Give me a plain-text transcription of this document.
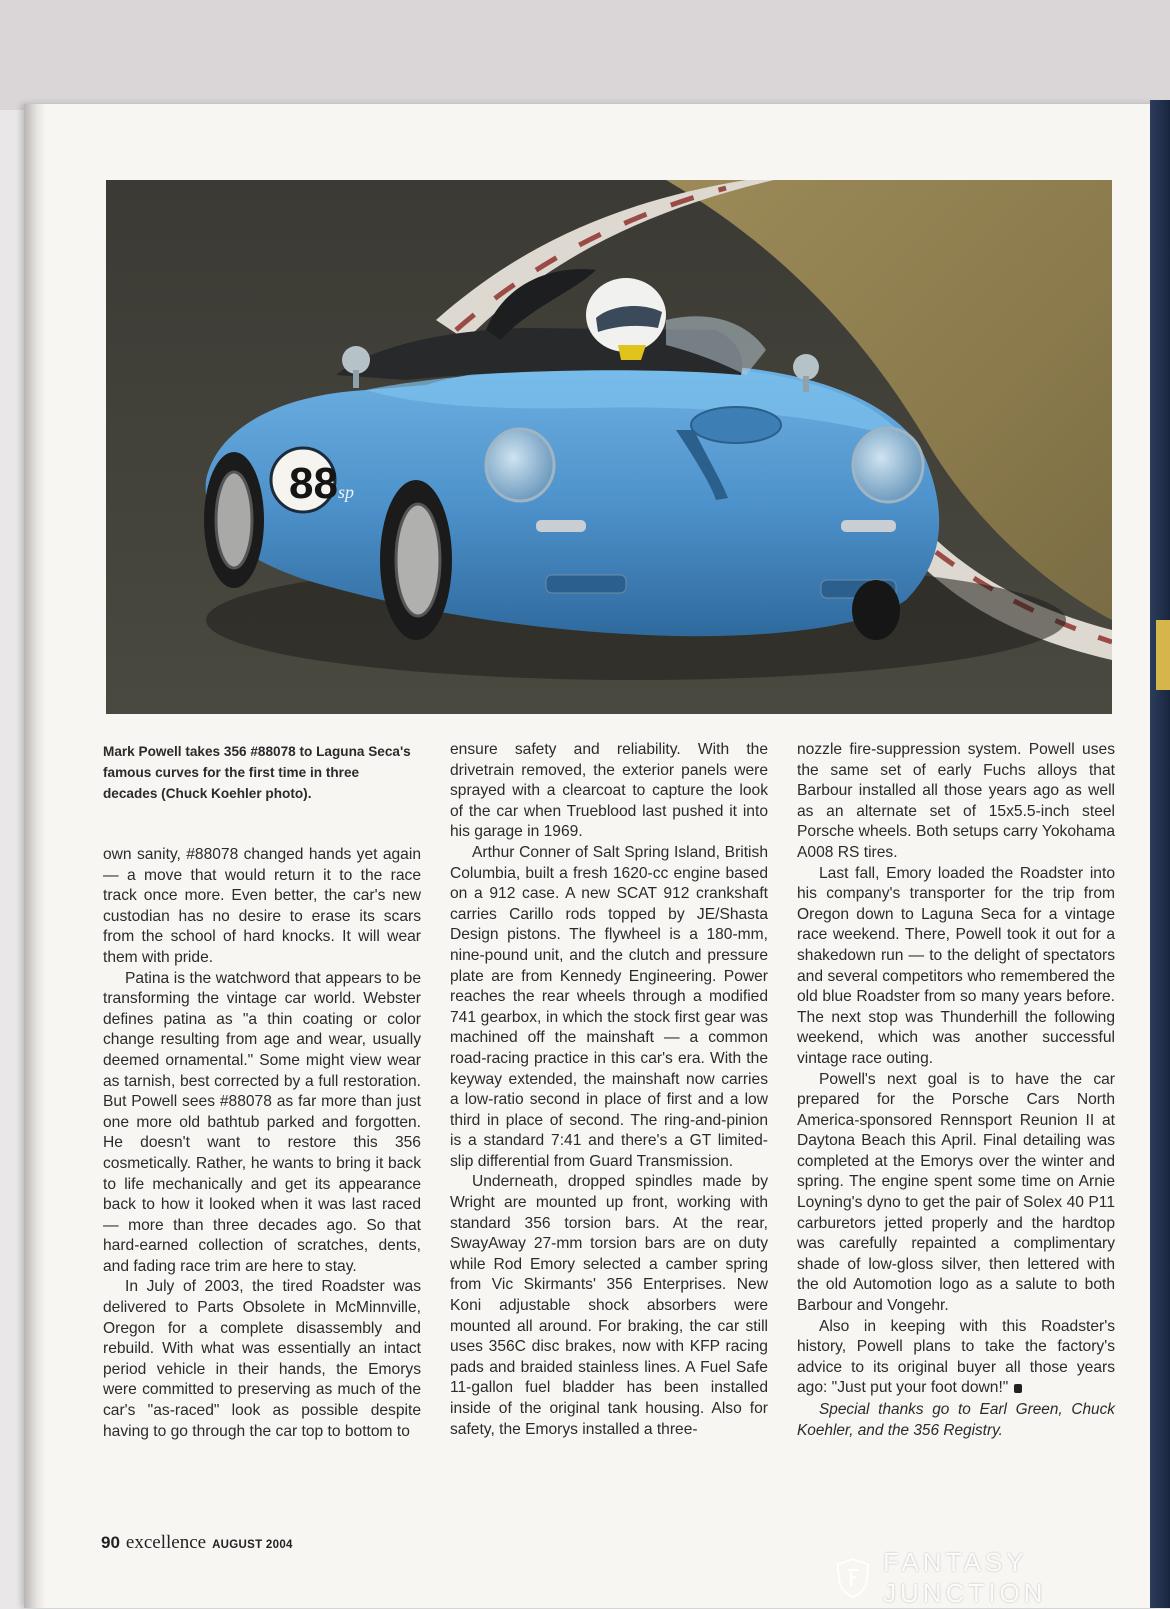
88 sp
Mark Powell takes 356 #88078 to Laguna Seca's famous curves for the first time in three decades (Chuck Koehler photo).

own sanity, #88078 changed hands yet again — a move that would return it to the race track once more. Even better, the car's new custodian has no desire to erase its scars from the school of hard knocks. It will wear them with pride.

Patina is the watchword that appears to be transforming the vintage car world. Webster defines patina as "a thin coating or color change resulting from age and wear, usually deemed ornamental." Some might view wear as tarnish, best corrected by a full restoration. But Powell sees #88078 as far more than just one more old bathtub parked and forgotten. He doesn't want to restore this 356 cosmetically. Rather, he wants to bring it back to life mechanically and get its appearance back to how it looked when it was last raced — more than three decades ago. So that hard-earned collection of scratches, dents, and fading race trim are here to stay.

In July of 2003, the tired Roadster was delivered to Parts Obsolete in McMinnville, Oregon for a complete disassembly and rebuild. With what was essentially an intact period vehicle in their hands, the Emorys were committed to preserving as much of the car's "as-raced" look as possible despite having to go through the car top to bottom to

ensure safety and reliability. With the drivetrain removed, the exterior panels were sprayed with a clearcoat to capture the look of the car when Trueblood last pushed it into his garage in 1969.

Arthur Conner of Salt Spring Island, British Columbia, built a fresh 1620-cc engine based on a 912 case. A new SCAT 912 crankshaft carries Carillo rods topped by JE/Shasta Design pistons. The flywheel is a 180-mm, nine-pound unit, and the clutch and pressure plate are from Kennedy Engineering. Power reaches the rear wheels through a modified 741 gearbox, in which the stock first gear was machined off the mainshaft — a common road-racing practice in this car's era. With the keyway extended, the mainshaft now carries a low-ratio second in place of first and a low third in place of second. The ring-and-pinion is a standard 7:41 and there's a GT limited-slip differential from Guard Transmission.

Underneath, dropped spindles made by Wright are mounted up front, working with standard 356 torsion bars. At the rear, SwayAway 27-mm torsion bars are on duty while Rod Emory selected a camber spring from Vic Skirmants' 356 Enterprises. New Koni adjustable shock absorbers were mounted all around. For braking, the car still uses 356C disc brakes, now with KFP racing pads and braided stainless lines. A Fuel Safe 11-gallon fuel bladder has been installed inside of the original tank housing. Also for safety, the Emorys installed a three-

nozzle fire-suppression system. Powell uses the same set of early Fuchs alloys that Barbour installed all those years ago as well as an alternate set of 15x5.5-inch steel Porsche wheels. Both setups carry Yokohama A008 RS tires.

Last fall, Emory loaded the Roadster into his company's transporter for the trip from Oregon down to Laguna Seca for a vintage race weekend. There, Powell took it out for a shakedown run — to the delight of spectators and several competitors who remembered the old blue Roadster from so many years before. The next stop was Thunderhill the following weekend, which was another successful vintage race outing.

Powell's next goal is to have the car prepared for the Porsche Cars North America-sponsored Rennsport Reunion II at Daytona Beach this April. Final detailing was completed at the Emorys over the winter and spring. The engine spent some time on Arnie Loyning's dyno to get the pair of Solex 40 P11 carburetors jetted properly and the hardtop was carefully repainted a complimentary shade of low-gloss silver, then lettered with the old Automotion logo as a salute to both Barbour and Vongehr.

Also in keeping with this Roadster's history, Powell plans to take the factory's advice to its original buyer all those years ago: "Just put your foot down!"

Special thanks go to Earl Green, Chuck Koehler, and the 356 Registry.

90 excellence AUGUST 2004
FANTASY JUNCTION
